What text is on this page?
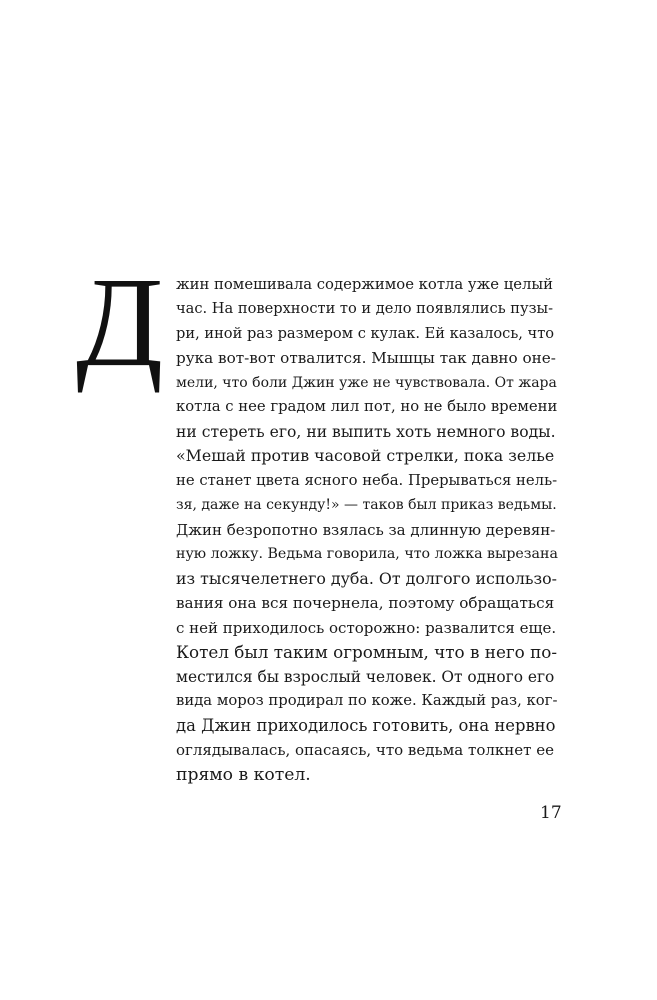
Д жин помешивала содержимое котла уже целый
час. На поверхности то и дело появлялись пузы-
ри, иной раз размером с кулак. Ей казалось, что
рука вот-вот отвалится. Мышцы так давно оне-
мели, что боли Джин уже не чувствовала. От жара
котла с нее градом лил пот, но не было времени
ни стереть его, ни выпить хоть немного воды.
«Мешай против часовой стрелки, пока зелье
не станет цвета ясного неба. Прерываться нель-
зя, даже на секунду!» — таков был приказ ведьмы.
Джин безропотно взялась за длинную деревян-
ную ложку. Ведьма говорила, что ложка вырезана
из тысячелетнего дуба. От долгого использо-
вания она вся почернела, поэтому обращаться
с ней приходилось осторожно: развалится еще.
Котел был таким огромным, что в него по-
местился бы взрослый человек. От одного его
вида мороз продирал по коже. Каждый раз, ког-
да Джин приходилось готовить, она нервно
оглядывалась, опасаясь, что ведьма толкнет ее
прямо в котел.
17
